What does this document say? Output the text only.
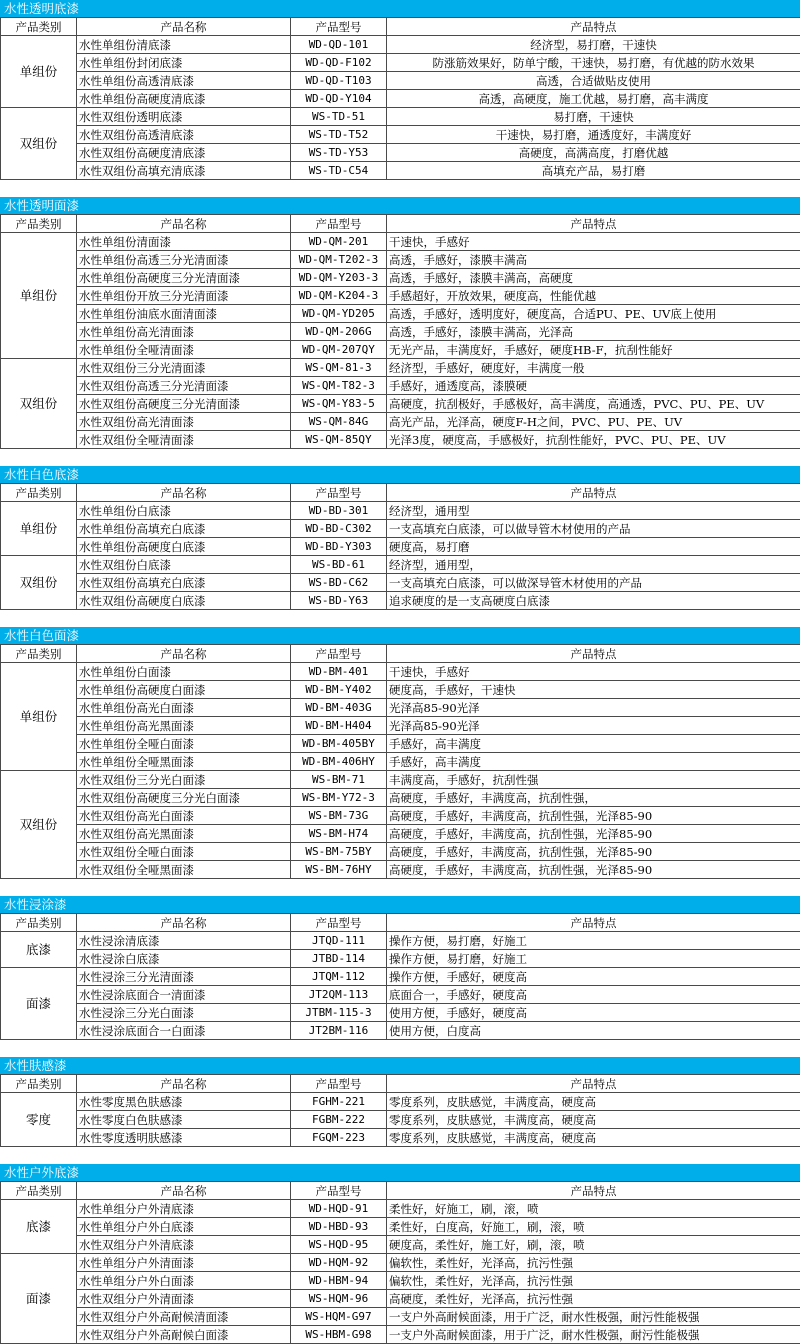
水性透明底漆
产品类别	产品名称	产品型号	产品特点
单组份	水性单组份清底漆	WD-QD-101	经济型，易打磨，干速快
	水性单组份封闭底漆	WD-QD-F102	防涨筋效果好，防单宁酸，干速快，易打磨，有优越的防水效果
	水性单组份高透清底漆	WD-QD-T103	高透，合适做贴皮使用
	水性单组份高硬度清底漆	WD-QD-Y104	高透，高硬度，施工优越，易打磨，高丰满度
双组份	水性双组份透明底漆	WS-TD-51	易打磨，干速快
	水性双组份高透清底漆	WS-TD-T52	干速快，易打磨，通透度好，丰满度好
	水性双组份高硬度清底漆	WS-TD-Y53	高硬度，高满高度，打磨优越
	水性双组份高填充清底漆	WS-TD-C54	高填充产品，易打磨
水性透明面漆
产品类别	产品名称	产品型号	产品特点
单组份	水性单组份清面漆	WD-QM-201	干速快，手感好
	水性单组份高透三分光清面漆	WD-QM-T202-3	高透，手感好，漆膜丰满高
	水性单组份高硬度三分光清面漆	WD-QM-Y203-3	高透，手感好，漆膜丰满高，高硬度
	水性单组份开放三分光清面漆	WD-QM-K204-3	手感超好，开放效果，硬度高，性能优越
	水性单组份油底水面清面漆	WD-QM-YD205	高透，手感好，透明度好，硬度高，合适PU、PE、UV底上使用
	水性单组份高光清面漆	WD-QM-206G	高透，手感好，漆膜丰满高，光泽高
	水性单组份全哑清面漆	WD-QM-207QY	无光产品，丰满度好，手感好，硬度HB-F，抗刮性能好
双组份	水性双组份三分光清面漆	WS-QM-81-3	经济型，手感好，硬度好，丰满度一般
	水性双组份高透三分光清面漆	WS-QM-T82-3	手感好，通透度高，漆膜硬
	水性双组份高硬度三分光清面漆	WS-QM-Y83-5	高硬度，抗刮极好，手感极好，高丰满度，高通透，PVC、PU、PE、UV
	水性双组份高光清面漆	WS-QM-84G	高光产品，光泽高，硬度F-H之间，PVC、PU、PE、UV
	水性双组份全哑清面漆	WS-QM-85QY	光泽3度，硬度高，手感极好，抗刮性能好，PVC、PU、PE、UV
水性白色底漆
产品类别	产品名称	产品型号	产品特点
单组份	水性单组份白底漆	WD-BD-301	经济型，通用型
	水性单组份高填充白底漆	WD-BD-C302	一支高填充白底漆，可以做导管木材使用的产品
	水性单组份高硬度白底漆	WD-BD-Y303	硬度高，易打磨
双组份	水性双组份白底漆	WS-BD-61	经济型，通用型，
	水性双组份高填充白底漆	WS-BD-C62	一支高填充白底漆，可以做深导管木材使用的产品
	水性双组份高硬度白底漆	WS-BD-Y63	追求硬度的是一支高硬度白底漆
水性白色面漆
产品类别	产品名称	产品型号	产品特点
单组份	水性单组份白面漆	WD-BM-401	干速快，手感好
	水性单组份高硬度白面漆	WD-BM-Y402	硬度高，手感好，干速快
	水性单组份高光白面漆	WD-BM-403G	光泽高85-90光泽
	水性单组份高光黑面漆	WD-BM-H404	光泽高85-90光泽
	水性单组份全哑白面漆	WD-BM-405BY	手感好，高丰满度
	水性单组份全哑黑面漆	WD-BM-406HY	手感好，高丰满度
双组份	水性双组份三分光白面漆	WS-BM-71	丰满度高，手感好，抗刮性强
	水性双组份高硬度三分光白面漆	WS-BM-Y72-3	高硬度，手感好，丰满度高，抗刮性强，
	水性双组份高光白面漆	WS-BM-73G	高硬度，手感好，丰满度高，抗刮性强，光泽85-90
	水性双组份高光黑面漆	WS-BM-H74	高硬度，手感好，丰满度高，抗刮性强，光泽85-90
	水性双组份全哑白面漆	WS-BM-75BY	高硬度，手感好，丰满度高，抗刮性强，光泽85-90
	水性双组份全哑黑面漆	WS-BM-76HY	高硬度，手感好，丰满度高，抗刮性强，光泽85-90
水性浸涂漆
产品类别	产品名称	产品型号	产品特点
底漆	水性浸涂清底漆	JTQD-111	操作方便，易打磨，好施工
	水性浸涂白底漆	JTBD-114	操作方便，易打磨，好施工
面漆	水性浸涂三分光清面漆	JTQM-112	操作方便，手感好，硬度高
	水性浸涂底面合一清面漆	JT2QM-113	底面合一，手感好，硬度高
	水性浸涂三分光白面漆	JTBM-115-3	使用方便，手感好，硬度高
	水性浸涂底面合一白面漆	JT2BM-116	使用方便，白度高
水性肤感漆
产品类别	产品名称	产品型号	产品特点
零度	水性零度黑色肤感漆	FGHM-221	零度系列，皮肤感觉，丰满度高，硬度高
	水性零度白色肤感漆	FGBM-222	零度系列，皮肤感觉，丰满度高，硬度高
	水性零度透明肤感漆	FGQM-223	零度系列，皮肤感觉，丰满度高，硬度高
水性户外底漆
产品类别	产品名称	产品型号	产品特点
底漆	水性单组分户外清底漆	WD-HQD-91	柔性好，好施工，刷，滚，喷
	水性单组分户外白底漆	WD-HBD-93	柔性好，白度高，好施工，刷，滚，喷
	水性双组分户外清底漆	WS-HQD-95	硬度高，柔性好，施工好，刷，滚，喷
面漆	水性单组分户外清面漆	WD-HQM-92	偏软性，柔性好，光泽高，抗污性强
	水性单组分户外白面漆	WD-HBM-94	偏软性，柔性好，光泽高，抗污性强
	水性双组分户外清面漆	WS-HQM-96	高硬度，柔性好，光泽高，抗污性强
	水性双组分户外高耐候清面漆	WS-HQM-G97	一支户外高耐候面漆，用于广泛，耐水性极强，耐污性能极强
	水性双组分户外高耐候白面漆	WS-HBM-G98	一支户外高耐候面漆，用于广泛，耐水性极强，耐污性能极强
